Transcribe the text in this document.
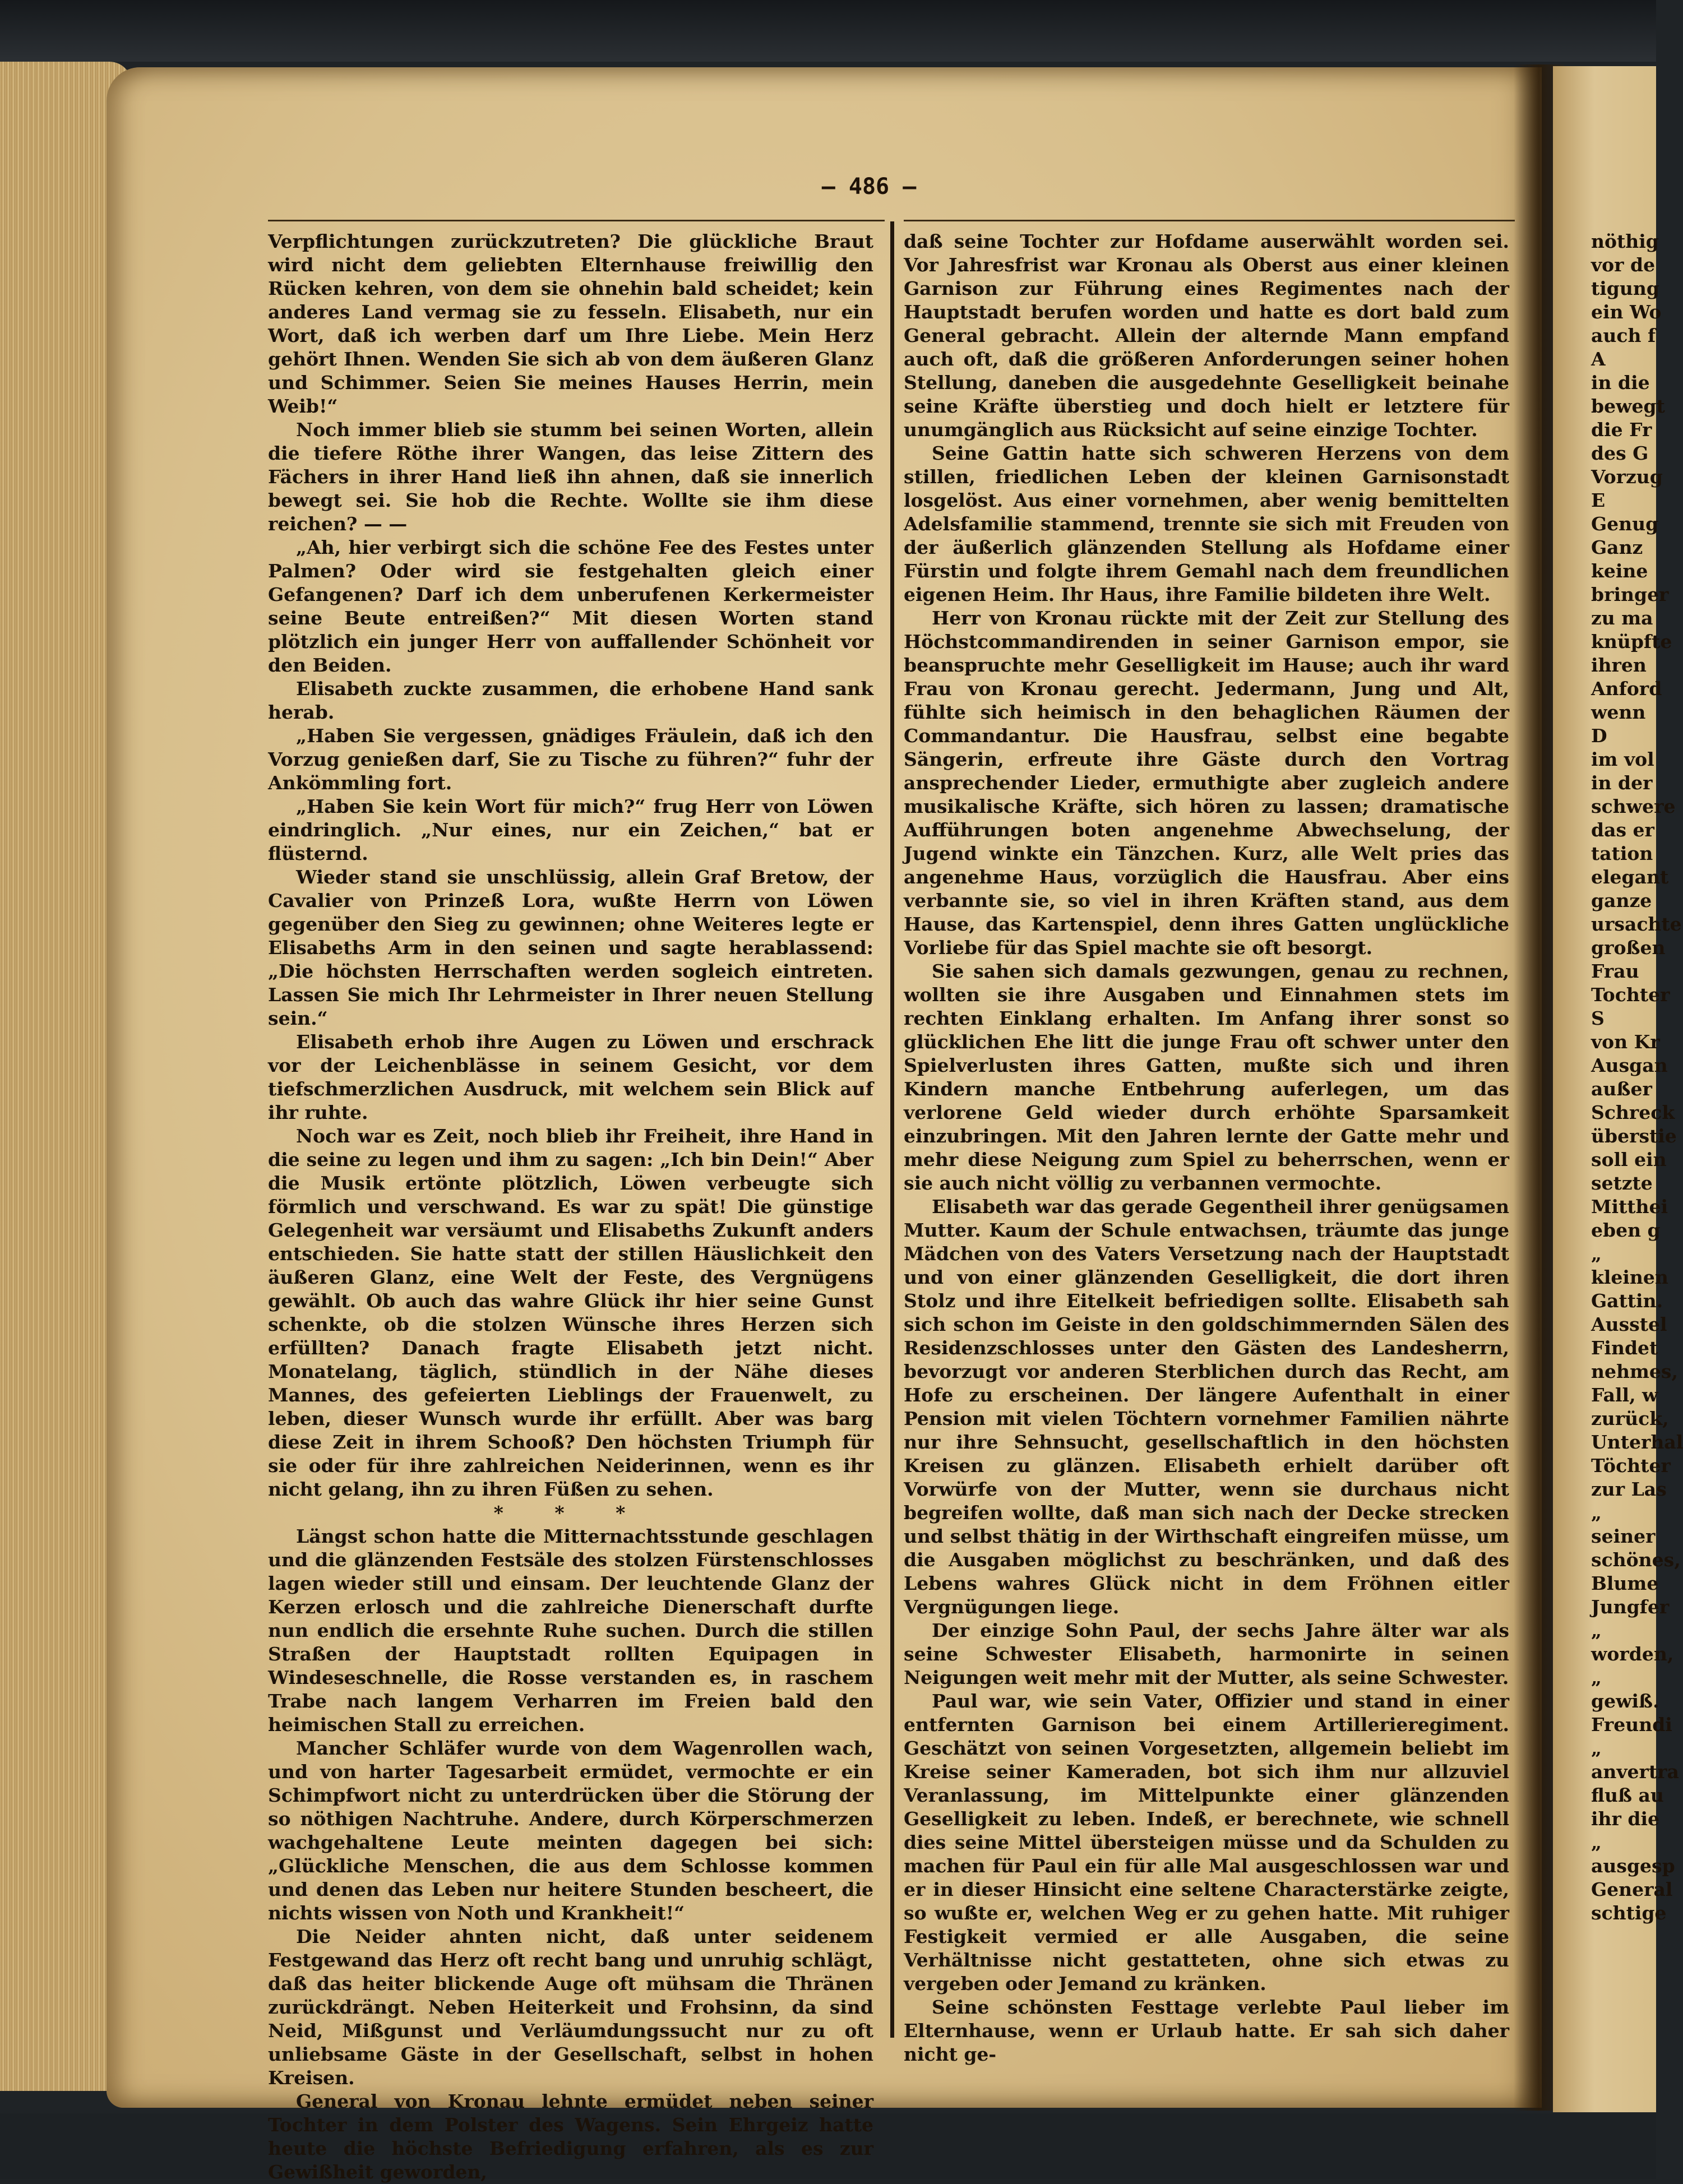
— 486 —

Verpflichtungen zurückzutreten? Die glückliche Braut wird nicht dem geliebten Elternhause freiwillig den Rücken kehren, von dem sie ohnehin bald scheidet; kein anderes Land vermag sie zu fesseln. Elisabeth, nur ein Wort, daß ich werben darf um Ihre Liebe. Mein Herz gehört Ihnen. Wenden Sie sich ab von dem äußeren Glanz und Schimmer. Seien Sie meines Hauses Herrin, mein Weib!“

Noch immer blieb sie stumm bei seinen Worten, allein die tiefere Röthe ihrer Wangen, das leise Zittern des Fächers in ihrer Hand ließ ihn ahnen, daß sie innerlich bewegt sei. Sie hob die Rechte. Wollte sie ihm diese reichen? — —

„Ah, hier verbirgt sich die schöne Fee des Festes unter Palmen? Oder wird sie festgehalten gleich einer Gefangenen? Darf ich dem unberufenen Kerkermeister seine Beute entreißen?“ Mit diesen Worten stand plötzlich ein junger Herr von auffallender Schönheit vor den Beiden.

Elisabeth zuckte zusammen, die erhobene Hand sank herab.

„Haben Sie vergessen, gnädiges Fräulein, daß ich den Vorzug genießen darf, Sie zu Tische zu führen?“ fuhr der Ankömmling fort.

„Haben Sie kein Wort für mich?“ frug Herr von Löwen eindringlich. „Nur eines, nur ein Zeichen,“ bat er flüsternd.

Wieder stand sie unschlüssig, allein Graf Bretow, der Cavalier von Prinzeß Lora, wußte Herrn von Löwen gegenüber den Sieg zu gewinnen; ohne Weiteres legte er Elisabeths Arm in den seinen und sagte herablassend: „Die höchsten Herrschaften werden sogleich eintreten. Lassen Sie mich Ihr Lehrmeister in Ihrer neuen Stellung sein.“

Elisabeth erhob ihre Augen zu Löwen und erschrack vor der Leichenblässe in seinem Gesicht, vor dem tiefschmerzlichen Ausdruck, mit welchem sein Blick auf ihr ruhte.

Noch war es Zeit, noch blieb ihr Freiheit, ihre Hand in die seine zu legen und ihm zu sagen: „Ich bin Dein!“ Aber die Musik ertönte plötzlich, Löwen verbeugte sich förmlich und verschwand. Es war zu spät! Die günstige Gelegenheit war versäumt und Elisabeths Zukunft anders entschieden. Sie hatte statt der stillen Häuslichkeit den äußeren Glanz, eine Welt der Feste, des Vergnügens gewählt. Ob auch das wahre Glück ihr hier seine Gunst schenkte, ob die stolzen Wünsche ihres Herzen sich erfüllten? Danach fragte Elisabeth jetzt nicht. Monatelang, täglich, stündlich in der Nähe dieses Mannes, des gefeierten Lieblings der Frauenwelt, zu leben, dieser Wunsch wurde ihr erfüllt. Aber was barg diese Zeit in ihrem Schooß? Den höchsten Triumph für sie oder für ihre zahlreichen Neiderinnen, wenn es ihr nicht gelang, ihn zu ihren Füßen zu sehen.

* * *

Längst schon hatte die Mitternachtsstunde geschlagen und die glänzenden Festsäle des stolzen Fürstenschlosses lagen wieder still und einsam. Der leuchtende Glanz der Kerzen erlosch und die zahlreiche Dienerschaft durfte nun endlich die ersehnte Ruhe suchen. Durch die stillen Straßen der Hauptstadt rollten Equipagen in Windeseschnelle, die Rosse verstanden es, in raschem Trabe nach langem Verharren im Freien bald den heimischen Stall zu erreichen.

Mancher Schläfer wurde von dem Wagenrollen wach, und von harter Tagesarbeit ermüdet, vermochte er ein Schimpfwort nicht zu unterdrücken über die Störung der so nöthigen Nachtruhe. Andere, durch Körperschmerzen wachgehaltene Leute meinten dagegen bei sich: „Glückliche Menschen, die aus dem Schlosse kommen und denen das Leben nur heitere Stunden bescheert, die nichts wissen von Noth und Krankheit!“

Die Neider ahnten nicht, daß unter seidenem Festgewand das Herz oft recht bang und unruhig schlägt, daß das heiter blickende Auge oft mühsam die Thränen zurückdrängt. Neben Heiterkeit und Frohsinn, da sind Neid, Mißgunst und Verläumdungssucht nur zu oft unliebsame Gäste in der Gesellschaft, selbst in hohen Kreisen.

General von Kronau lehnte ermüdet neben seiner Tochter in dem Polster des Wagens. Sein Ehrgeiz hatte heute die höchste Befriedigung erfahren, als es zur Gewißheit geworden,

daß seine Tochter zur Hofdame auserwählt worden sei. Vor Jahresfrist war Kronau als Oberst aus einer kleinen Garnison zur Führung eines Regimentes nach der Hauptstadt berufen worden und hatte es dort bald zum General gebracht. Allein der alternde Mann empfand auch oft, daß die größeren Anforderungen seiner hohen Stellung, daneben die ausgedehnte Geselligkeit beinahe seine Kräfte überstieg und doch hielt er letztere für unumgänglich aus Rücksicht auf seine einzige Tochter.

Seine Gattin hatte sich schweren Herzens von dem stillen, friedlichen Leben der kleinen Garnisonstadt losgelöst. Aus einer vornehmen, aber wenig bemittelten Adelsfamilie stammend, trennte sie sich mit Freuden von der äußerlich glänzenden Stellung als Hofdame einer Fürstin und folgte ihrem Gemahl nach dem freundlichen eigenen Heim. Ihr Haus, ihre Familie bildeten ihre Welt.

Herr von Kronau rückte mit der Zeit zur Stellung des Höchstcommandirenden in seiner Garnison empor, sie beanspruchte mehr Geselligkeit im Hause; auch ihr ward Frau von Kronau gerecht. Jedermann, Jung und Alt, fühlte sich heimisch in den behaglichen Räumen der Commandantur. Die Hausfrau, selbst eine begabte Sängerin, erfreute ihre Gäste durch den Vortrag ansprechender Lieder, ermuthigte aber zugleich andere musikalische Kräfte, sich hören zu lassen; dramatische Aufführungen boten angenehme Abwechselung, der Jugend winkte ein Tänzchen. Kurz, alle Welt pries das angenehme Haus, vorzüglich die Hausfrau. Aber eins verbannte sie, so viel in ihren Kräften stand, aus dem Hause, das Kartenspiel, denn ihres Gatten unglückliche Vorliebe für das Spiel machte sie oft besorgt.

Sie sahen sich damals gezwungen, genau zu rechnen, wollten sie ihre Ausgaben und Einnahmen stets im rechten Einklang erhalten. Im Anfang ihrer sonst so glücklichen Ehe litt die junge Frau oft schwer unter den Spielverlusten ihres Gatten, mußte sich und ihren Kindern manche Entbehrung auferlegen, um das verlorene Geld wieder durch erhöhte Sparsamkeit einzubringen. Mit den Jahren lernte der Gatte mehr und mehr diese Neigung zum Spiel zu beherrschen, wenn er sie auch nicht völlig zu verbannen vermochte.

Elisabeth war das gerade Gegentheil ihrer genügsamen Mutter. Kaum der Schule entwachsen, träumte das junge Mädchen von des Vaters Versetzung nach der Hauptstadt und von einer glänzenden Geselligkeit, die dort ihren Stolz und ihre Eitelkeit befriedigen sollte. Elisabeth sah sich schon im Geiste in den goldschimmernden Sälen des Residenzschlosses unter den Gästen des Landesherrn, bevorzugt vor anderen Sterblichen durch das Recht, am Hofe zu erscheinen. Der längere Aufenthalt in einer Pension mit vielen Töchtern vornehmer Familien nährte nur ihre Sehnsucht, gesellschaftlich in den höchsten Kreisen zu glänzen. Elisabeth erhielt darüber oft Vorwürfe von der Mutter, wenn sie durchaus nicht begreifen wollte, daß man sich nach der Decke strecken und selbst thätig in der Wirthschaft eingreifen müsse, um die Ausgaben möglichst zu beschränken, und daß des Lebens wahres Glück nicht in dem Fröhnen eitler Vergnügungen liege.

Der einzige Sohn Paul, der sechs Jahre älter war als seine Schwester Elisabeth, harmonirte in seinen Neigungen weit mehr mit der Mutter, als seine Schwester.

Paul war, wie sein Vater, Offizier und stand in einer entfernten Garnison bei einem Artillerieregiment. Geschätzt von seinen Vorgesetzten, allgemein beliebt im Kreise seiner Kameraden, bot sich ihm nur allzuviel Veranlassung, im Mittelpunkte einer glänzenden Geselligkeit zu leben. Indeß, er berechnete, wie schnell dies seine Mittel übersteigen müsse und da Schulden zu machen für Paul ein für alle Mal ausgeschlossen war und er in dieser Hinsicht eine seltene Characterstärke zeigte, so wußte er, welchen Weg er zu gehen hatte. Mit ruhiger Festigkeit vermied er alle Ausgaben, die seine Verhältnisse nicht gestatteten, ohne sich etwas zu vergeben oder Jemand zu kränken.

Seine schönsten Festtage verlebte Paul lieber im Elternhause, wenn er Urlaub hatte. Er sah sich daher nicht ge-

nöthig
vor de
tigung
ein Wo
auch f
A
in die
bewegt
die Fr
des G
Vorzug
E
Genug
Ganz
keine
bringer
zu ma
knüpfte
ihren
Anford
wenn
D
im vol
in der
schwere
das er
tation
elegant
ganze
ursachte
großen
Frau
Tochter
S
von Kr
Ausgan
außer
Schreck
überstie
soll ein
setzte
Mitthei
eben g
„
kleinen
Gattin.
Ausstel
Findet
nehmes,
Fall, w
zurück,
Unterhal
Töchter
zur Las
„
seiner
schönes,
Blume
Jungfer
„
worden,
„
gewiß.
Freundi
„
anvertra
fluß au
ihr die
„
ausgesp
General
schtige
